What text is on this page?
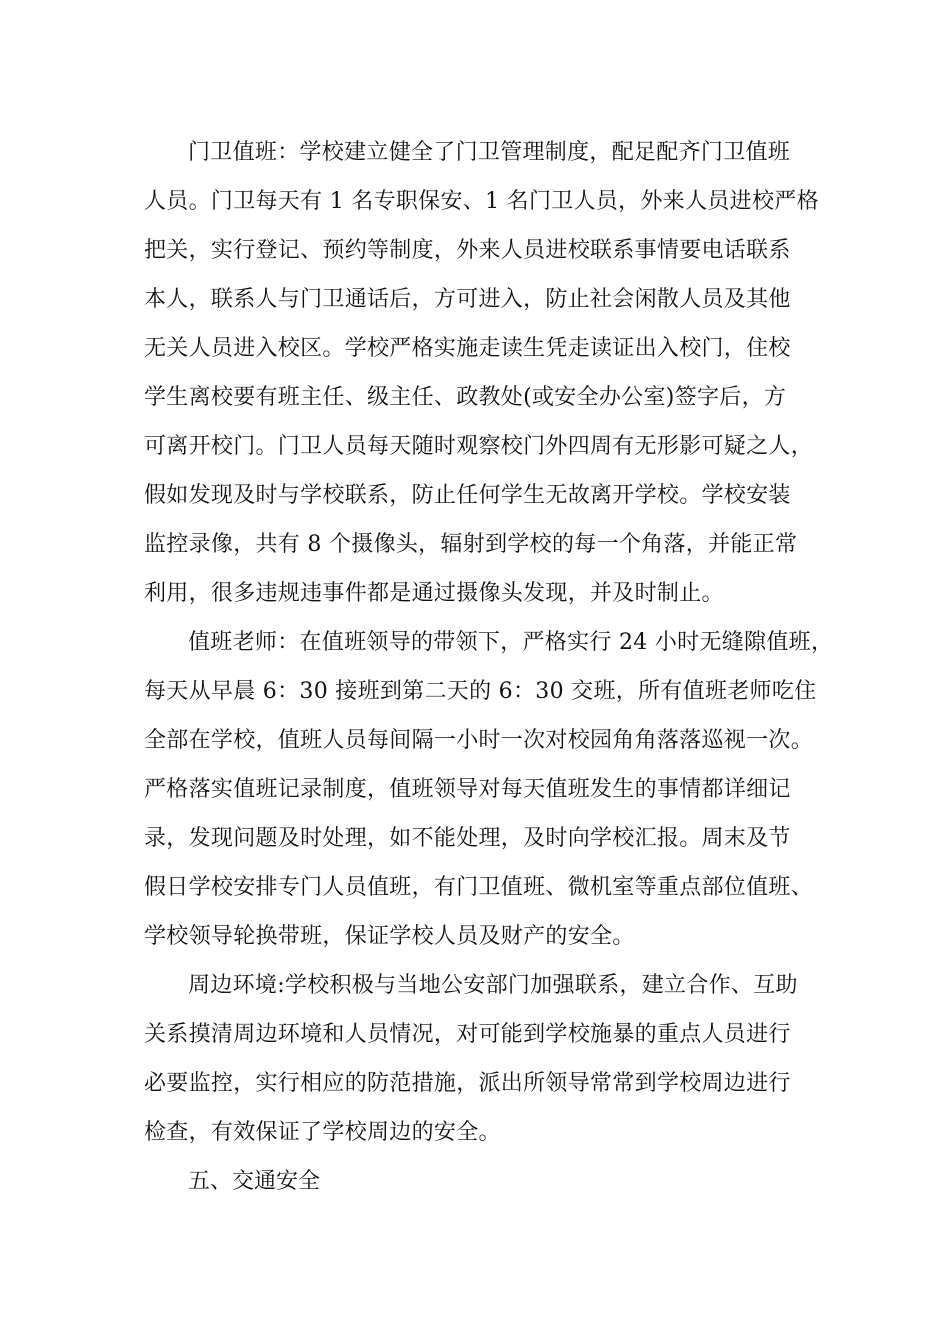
门卫值班：学校建立健全了门卫管理制度，配足配齐门卫值班
人员。门卫每天有 1 名专职保安、1 名门卫人员，外来人员进校严格
把关，实行登记、预约等制度，外来人员进校联系事情要电话联系
本人，联系人与门卫通话后，方可进入，防止社会闲散人员及其他
无关人员进入校区。学校严格实施走读生凭走读证出入校门，住校
学生离校要有班主任、级主任、政教处(或安全办公室)签字后，方
可离开校门。门卫人员每天随时观察校门外四周有无形影可疑之人，
假如发现及时与学校联系，防止任何学生无故离开学校。学校安装
监控录像，共有 8 个摄像头，辐射到学校的每一个角落，并能正常
利用，很多违规违事件都是通过摄像头发现，并及时制止。
值班老师：在值班领导的带领下，严格实行 24 小时无缝隙值班，
每天从早晨 6：30 接班到第二天的 6：30 交班，所有值班老师吃住
全部在学校，值班人员每间隔一小时一次对校园角角落落巡视一次。
严格落实值班记录制度，值班领导对每天值班发生的事情都详细记
录，发现问题及时处理，如不能处理，及时向学校汇报。周末及节
假日学校安排专门人员值班，有门卫值班、微机室等重点部位值班、
学校领导轮换带班，保证学校人员及财产的安全。
周边环境:学校积极与当地公安部门加强联系，建立合作、互助
关系摸清周边环境和人员情况，对可能到学校施暴的重点人员进行
必要监控，实行相应的防范措施，派出所领导常常到学校周边进行
检查，有效保证了学校周边的安全。
五、交通安全
